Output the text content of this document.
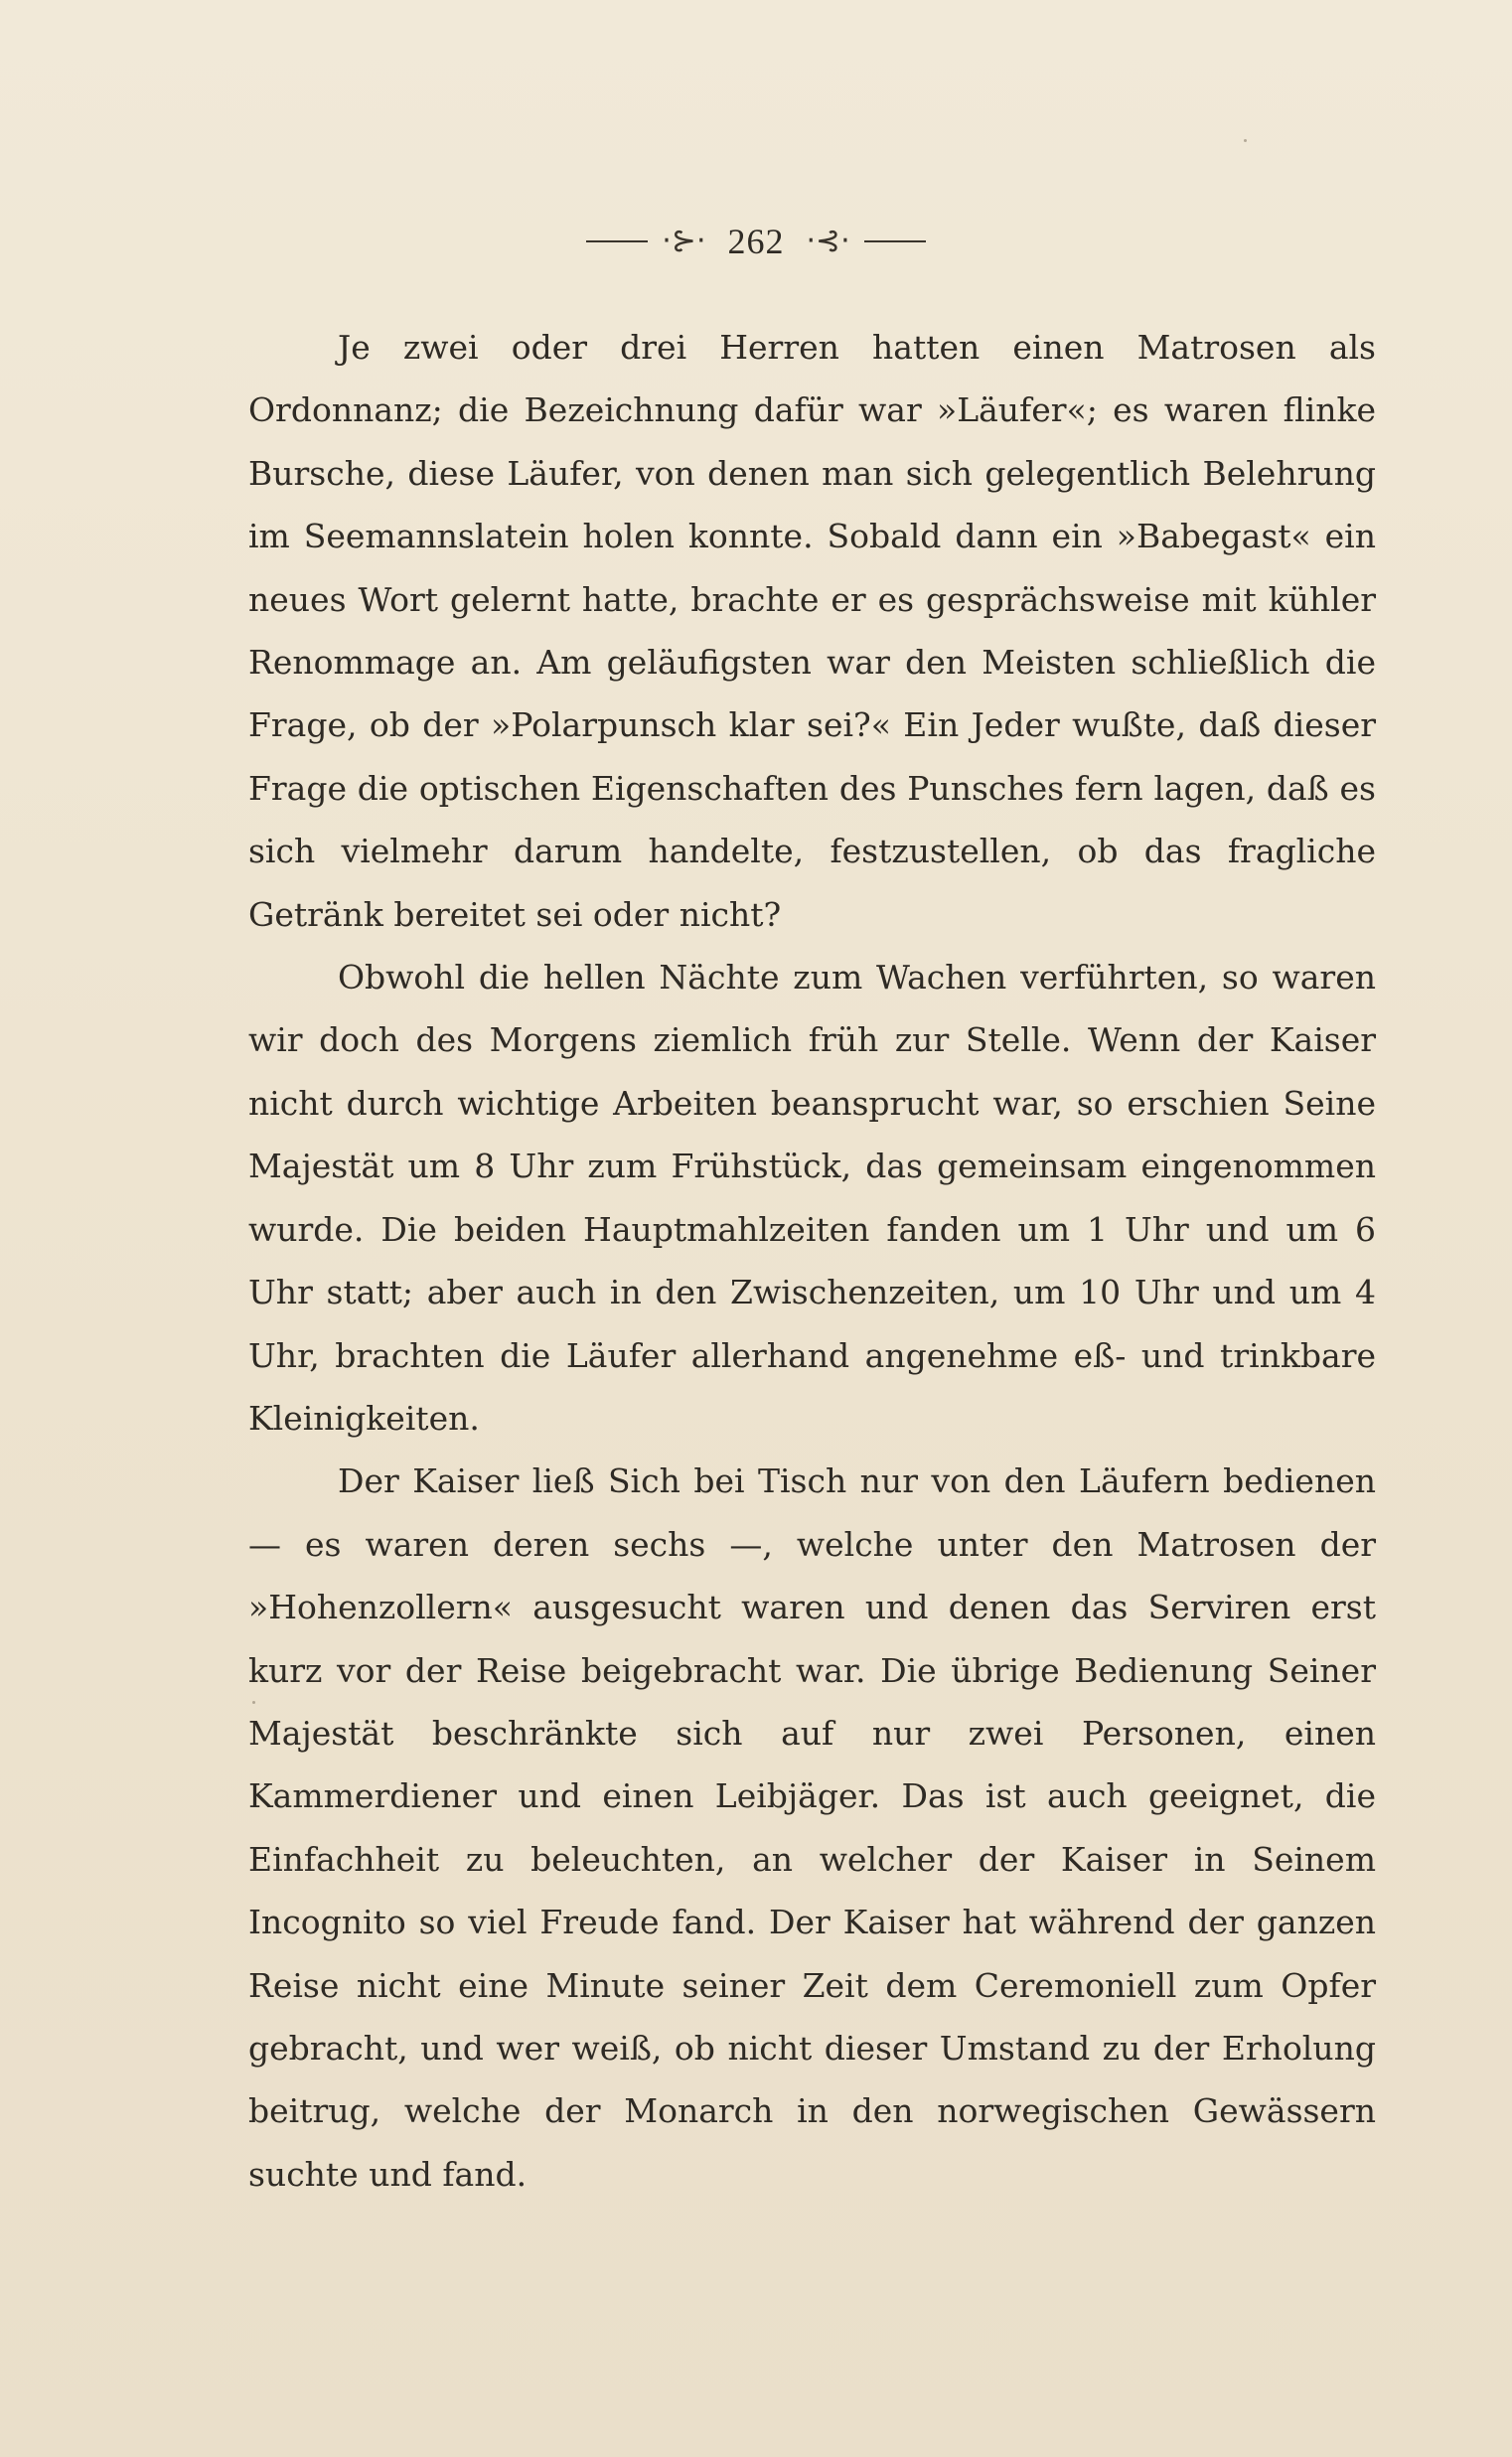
·⊱· 262 ·⊰·

Je zwei oder drei Herren hatten einen Matrosen als Ordonnanz; die Bezeichnung dafür war »Läufer«; es waren flinke Bursche, diese Läufer, von denen man sich gelegentlich Belehrung im Seemannslatein holen konnte. Sobald dann ein »Babegast« ein neues Wort gelernt hatte, brachte er es gesprächsweise mit kühler Renommage an. Am geläufigsten war den Meisten schließlich die Frage, ob der »Polarpunsch klar sei?« Ein Jeder wußte, daß dieser Frage die optischen Eigenschaften des Punsches fern lagen, daß es sich vielmehr darum handelte, festzustellen, ob das fragliche Getränk bereitet sei oder nicht?

Obwohl die hellen Nächte zum Wachen verführten, so waren wir doch des Morgens ziemlich früh zur Stelle. Wenn der Kaiser nicht durch wichtige Arbeiten beansprucht war, so erschien Seine Majestät um 8 Uhr zum Frühstück, das gemeinsam eingenommen wurde. Die beiden Hauptmahlzeiten fanden um 1 Uhr und um 6 Uhr statt; aber auch in den Zwischenzeiten, um 10 Uhr und um 4 Uhr, brachten die Läufer allerhand angenehme eß- und trinkbare Kleinigkeiten.

Der Kaiser ließ Sich bei Tisch nur von den Läufern bedienen — es waren deren sechs —, welche unter den Matrosen der »Hohenzollern« ausgesucht waren und denen das Serviren erst kurz vor der Reise beigebracht war. Die übrige Bedienung Seiner Majestät beschränkte sich auf nur zwei Personen, einen Kammerdiener und einen Leibjäger. Das ist auch geeignet, die Einfachheit zu beleuchten, an welcher der Kaiser in Seinem Incognito so viel Freude fand. Der Kaiser hat während der ganzen Reise nicht eine Minute seiner Zeit dem Ceremoniell zum Opfer gebracht, und wer weiß, ob nicht dieser Umstand zu der Erholung beitrug, welche der Monarch in den norwegischen Gewässern suchte und fand.
